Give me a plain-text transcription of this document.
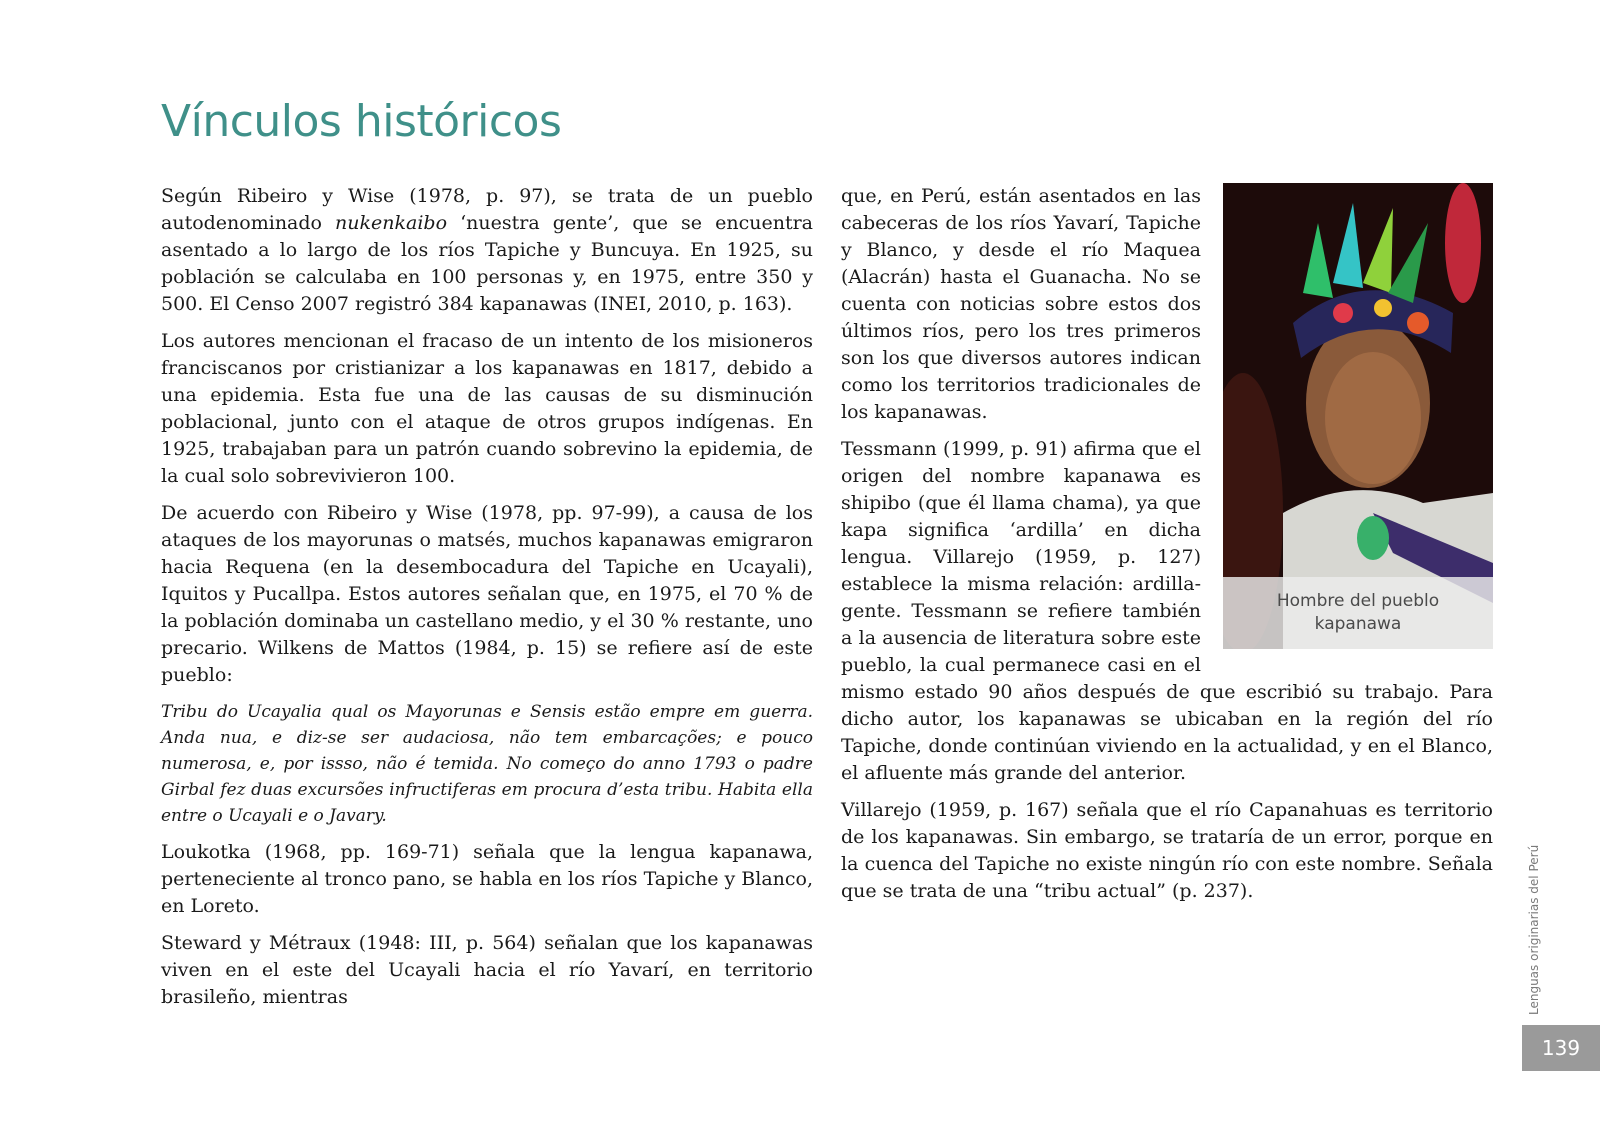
Vínculos históricos

Según Ribeiro y Wise (1978, p. 97), se trata de un pueblo autodenominado nukenkaibo ‘nuestra gente’, que se encuentra asentado a lo largo de los ríos Tapiche y Buncuya. En 1925, su población se calculaba en 100 personas y, en 1975, entre 350 y 500. El Censo 2007 registró 384 kapanawas (INEI, 2010, p. 163).

Los autores mencionan el fracaso de un intento de los misioneros franciscanos por cristianizar a los kapanawas en 1817, debido a una epidemia. Esta fue una de las causas de su disminución poblacional, junto con el ataque de otros grupos indígenas. En 1925, trabajaban para un patrón cuando sobrevino la epidemia, de la cual solo sobrevivieron 100.

De acuerdo con Ribeiro y Wise (1978, pp. 97-99), a causa de los ataques de los mayorunas o matsés, muchos kapanawas emigraron hacia Requena (en la desembocadura del Tapiche en Ucayali), Iquitos y Pucallpa. Estos autores señalan que, en 1975, el 70 % de la población dominaba un castellano medio, y el 30 % restante, uno precario. Wilkens de Mattos (1984, p. 15) se refiere así de este pueblo:

Tribu do Ucayalia qual os Mayorunas e Sensis estão empre em guerra. Anda nua, e diz-se ser audaciosa, não tem embarcações; e pouco numerosa, e, por issso, não é temida. No começo do anno 1793 o padre Girbal fez duas excursões infructiferas em procura d’esta tribu. Habita ella entre o Ucayali e o Javary.

Loukotka (1968, pp. 169-71) señala que la lengua kapanawa, perteneciente al tronco pano, se habla en los ríos Tapiche y Blanco, en Loreto.

Steward y Métraux (1948: III, p. 564) señalan que los kapanawas viven en el este del Ucayali hacia el río Yavarí, en territorio brasileño, mientras

Hombre del pueblo kapanawa

que, en Perú, están asentados en las cabeceras de los ríos Yavarí, Tapiche y Blanco, y desde el río Maquea (Alacrán) hasta el Guanacha. No se cuenta con noticias sobre estos dos últimos ríos, pero los tres primeros son los que diversos autores indican como los territorios tradicionales de los kapanawas.

Tessmann (1999, p. 91) afirma que el origen del nombre kapanawa es shipibo (que él llama chama), ya que kapa significa ‘ardilla’ en dicha lengua. Villarejo (1959, p. 127) establece la misma relación: ardilla-gente. Tessmann se refiere también a la ausencia de literatura sobre este pueblo, la cual permanece casi en el mismo estado 90 años después de que escribió su trabajo. Para dicho autor, los kapanawas se ubicaban en la región del río Tapiche, donde continúan viviendo en la actualidad, y en el Blanco, el afluente más grande del anterior.

Villarejo (1959, p. 167) señala que el río Capanahuas es territorio de los kapanawas. Sin embargo, se trataría de un error, porque en la cuenca del Tapiche no existe ningún río con este nombre. Señala que se trata de una “tribu actual” (p. 237).	Lenguas originarias del Perú
139
